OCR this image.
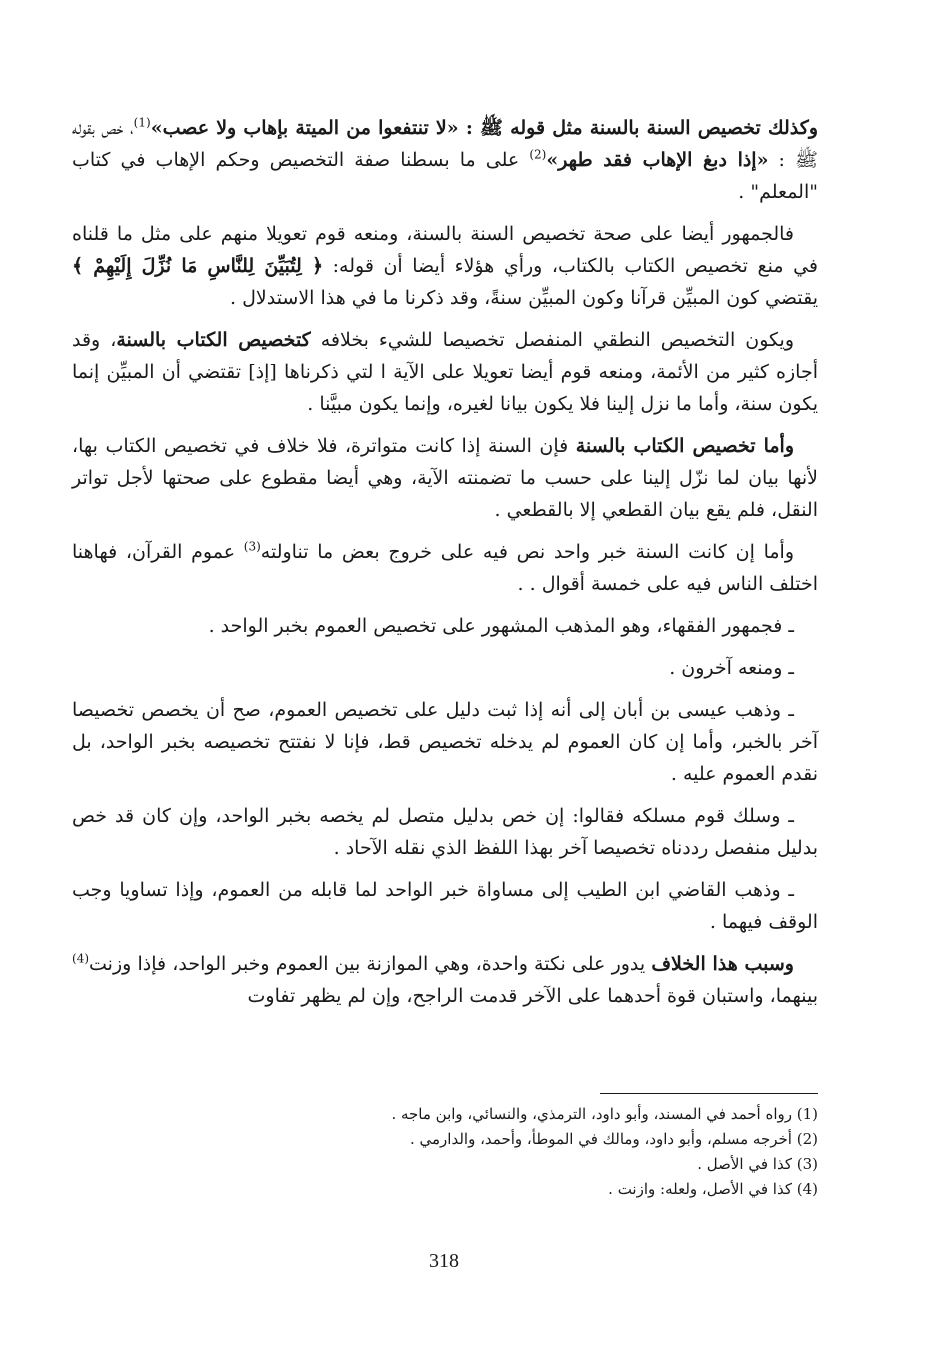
وكذلك تخصيص السنة بالسنة مثل قوله ﷺ : «لا تنتفعوا من الميتة بإهاب ولا عصب»$^{(1)}$، خص بقوله ﷺ : «إذا دبغ الإهاب فقد طهر»$^{(2)}$ على ما بسطنا صفة التخصيص وحكم الإهاب في كتاب "المعلم" .

فالجمهور أيضا على صحة تخصيص السنة بالسنة، ومنعه قوم تعويلا منهم على مثل ما قلناه في منع تخصيص الكتاب بالكتاب، ورأي هؤلاء أيضا أن قوله: ﴿ لِتُبَيِّنَ لِلنَّاسِ مَا نُزِّلَ إِلَيْهِمْ ﴾ يقتضي كون المبيِّن قرآنا وكون المبيِّن سنةً، وقد ذكرنا ما في هذا الاستدلال .

ويكون التخصيص النطقي المنفصل تخصيصا للشيء بخلافه كتخصيص الكتاب بالسنة، وقد أجازه كثير من الأئمة، ومنعه قوم أيضا تعويلا على الآية ا لتي ذكرناها [إذ] تقتضي أن المبيِّن إنما يكون سنة، وأما ما نزل إلينا فلا يكون بيانا لغيره، وإنما يكون مبيَّنا .

وأما تخصيص الكتاب بالسنة فإن السنة إذا كانت متواترة، فلا خلاف في تخصيص الكتاب بها، لأنها بيان لما نزّل إلينا على حسب ما تضمنته الآية، وهي أيضا مقطوع على صحتها لأجل تواتر النقل، فلم يقع بيان القطعي إلا بالقطعي .

وأما إن كانت السنة خبر واحد نص فيه على خروج بعض ما تناولته$^{(3)}$ عموم القرآن، فهاهنا اختلف الناس فيه على خمسة أقوال . .

ـ فجمهور الفقهاء، وهو المذهب المشهور على تخصيص العموم بخبر الواحد .

ـ ومنعه آخرون .

ـ وذهب عيسى بن أبان إلى أنه إذا ثبت دليل على تخصيص العموم، صح أن يخصص تخصيصا آخر بالخبر، وأما إن كان العموم لم يدخله تخصيص قط، فإنا لا نفتتح تخصيصه بخبر الواحد، بل نقدم العموم عليه .

ـ وسلك قوم مسلكه فقالوا: إن خص بدليل متصل لم يخصه بخبر الواحد، وإن كان قد خص بدليل منفصل رددناه تخصيصا آخر بهذا اللفظ الذي نقله الآحاد .

ـ وذهب القاضي ابن الطيب إلى مساواة خبر الواحد لما قابله من العموم، وإذا تساويا وجب الوقف فيهما .

وسبب هذا الخلاف يدور على نكتة واحدة، وهي الموازنة بين العموم وخبر الواحد، فإذا وزنت$^{(4)}$ بينهما، واستبان قوة أحدهما على الآخر قدمت الراجح، وإن لم يظهر تفاوت

(1) رواه أحمد في المسند، وأبو داود، الترمذي، والنسائي، وابن ماجه .
(2) أخرجه مسلم، وأبو داود، ومالك في الموطأ، وأحمد، والدارمي .
(3) كذا في الأصل .
(4) كذا في الأصل، ولعله: وازنت .
318
